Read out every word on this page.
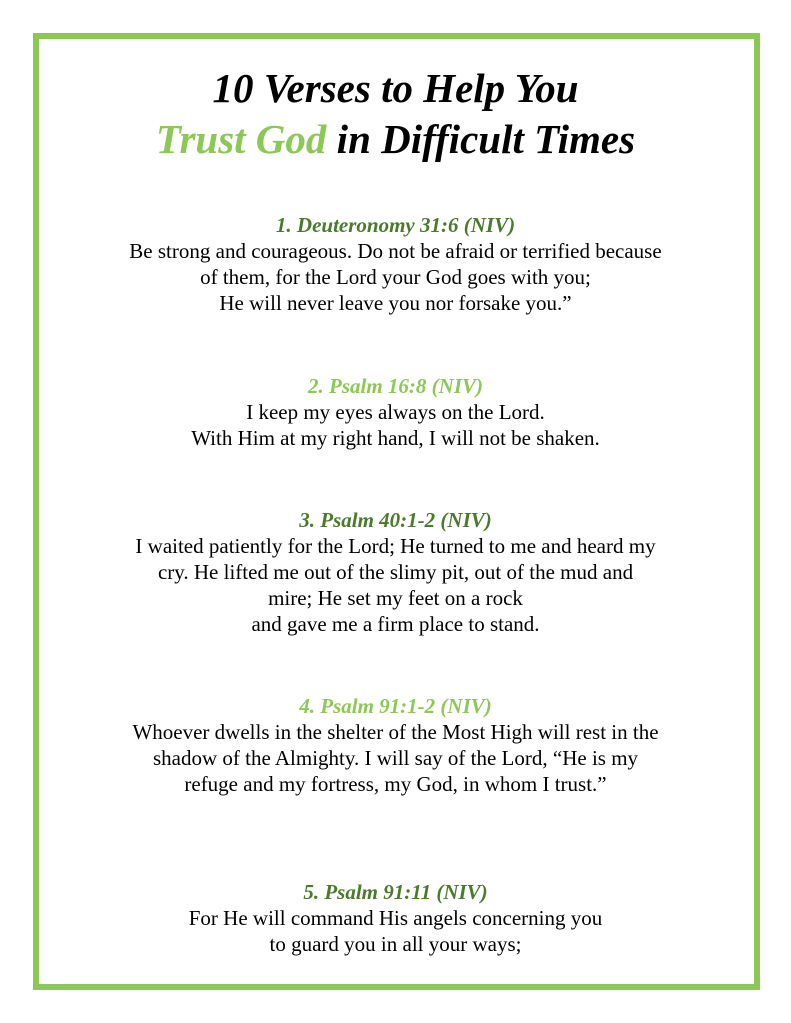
10 Verses to Help You
Trust God in Difficult Times
1. Deuteronomy 31:6 (NIV)
Be strong and courageous. Do not be afraid or terrified because
of them, for the Lord your God goes with you;
He will never leave you nor forsake you.”
2. Psalm 16:8 (NIV)
I keep my eyes always on the Lord.
With Him at my right hand, I will not be shaken.
3. Psalm 40:1-2 (NIV)
I waited patiently for the Lord; He turned to me and heard my
cry. He lifted me out of the slimy pit, out of the mud and
mire; He set my feet on a rock
and gave me a firm place to stand.
4. Psalm 91:1-2 (NIV)
Whoever dwells in the shelter of the Most High will rest in the
shadow of the Almighty. I will say of the Lord, “He is my
refuge and my fortress, my God, in whom I trust.”
5. Psalm 91:11 (NIV)
For He will command His angels concerning you
to guard you in all your ways;
